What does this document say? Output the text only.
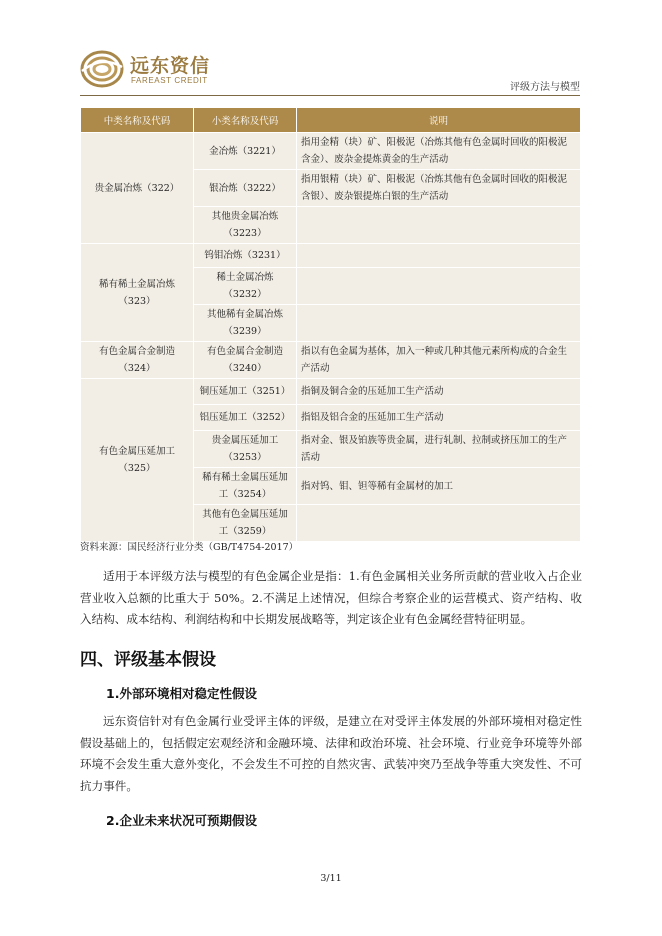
远东资信
FAREAST CREDIT
评级方法与模型
中类名称及代码	小类名称及代码	说明
贵金属冶炼（322）	金冶炼（3221）	指用金精（块）矿、阳极泥（冶炼其他有色金属时回收的阳极泥含金）、废杂金提炼黄金的生产活动
	银冶炼（3222）	指用银精（块）矿、阳极泥（冶炼其他有色金属时回收的阳极泥含银）、废杂银提炼白银的生产活动
	其他贵金属冶炼（3223）	
稀有稀土金属冶炼（323）	钨钼冶炼（3231）	
	稀土金属冶炼（3232）	
	其他稀有金属冶炼（3239）	
有色金属合金制造（324）	有色金属合金制造（3240）	指以有色金属为基体，加入一种或几种其他元素所构成的合金生产活动
有色金属压延加工（325）	铜压延加工（3251）	指铜及铜合金的压延加工生产活动
	铝压延加工（3252）	指铝及铝合金的压延加工生产活动
	贵金属压延加工（3253）	指对金、银及铂族等贵金属，进行轧制、拉制或挤压加工的生产活动
	稀有稀土金属压延加工（3254）	指对钨、钼、钽等稀有金属材的加工
	其他有色金属压延加工（3259）	
资料来源：国民经济行业分类（GB/T4754-2017）

适用于本评级方法与模型的有色金属企业是指：1.有色金属相关业务所贡献的营业收入占企业营业收入总额的比重大于 50%。2.不满足上述情况，但综合考察企业的运营模式、资产结构、收入结构、成本结构、利润结构和中长期发展战略等，判定该企业有色金属经营特征明显。

四、评级基本假设
1.外部环境相对稳定性假设

远东资信针对有色金属行业受评主体的评级，是建立在对受评主体发展的外部环境相对稳定性假设基础上的，包括假定宏观经济和金融环境、法律和政治环境、社会环境、行业竞争环境等外部环境不会发生重大意外变化，不会发生不可控的自然灾害、武装冲突乃至战争等重大突发性、不可抗力事件。

2.企业未来状况可预期假设
3/11
